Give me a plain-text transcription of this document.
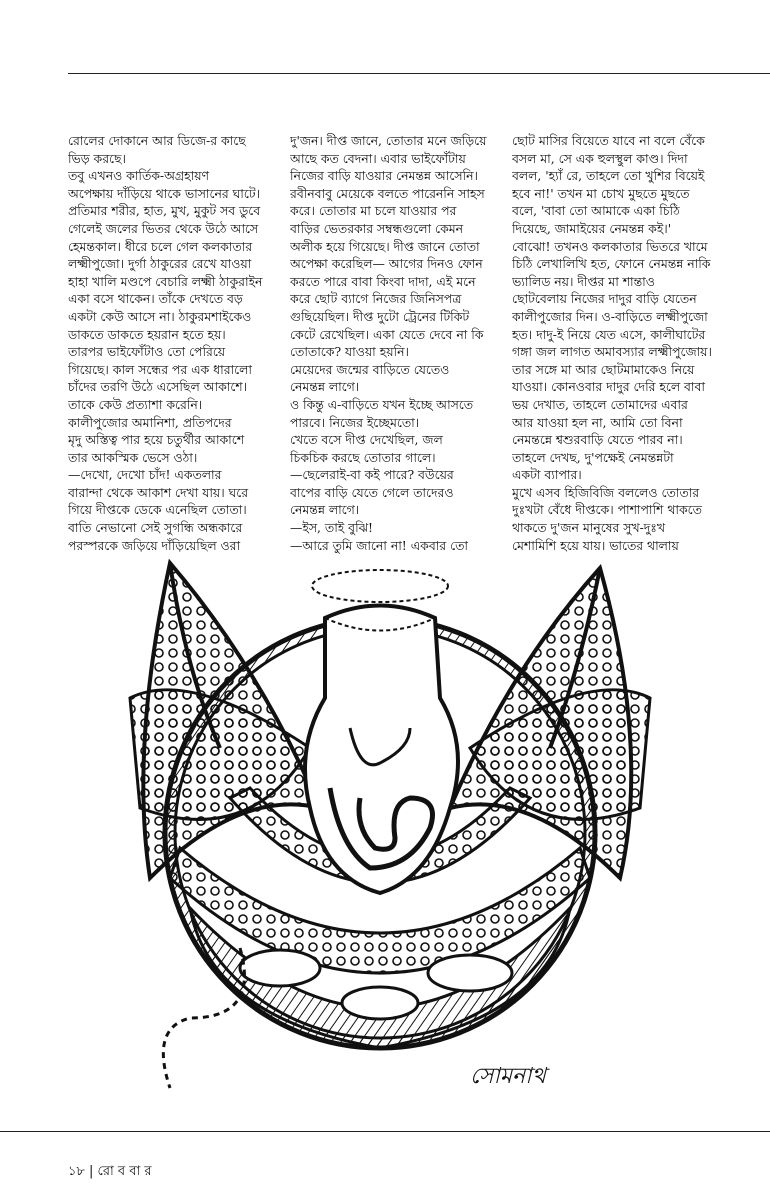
রোলের দোকানে আর ডিজে-র কাছে

ভিড় করছে।

তবু এখনও কার্তিক-অগ্রহায়ণ

অপেক্ষায় দাঁড়িয়ে থাকে ভাসানের ঘাটে।

প্রতিমার শরীর, হাত, মুখ, মুকুট সব ডুবে

গেলেই জলের ভিতর থেকে উঠে আসে

হেমন্তকাল। ধীরে চলে গেল কলকাতার

লক্ষ্মীপুজো। দুর্গা ঠাকুরের রেখে যাওয়া

হাহা খালি মণ্ডপে বেচারি লক্ষ্মী ঠাকুরাইন

একা বসে থাকেন। তাঁকে দেখতে বড়

একটা কেউ আসে না। ঠাকুরমশাইকেও

ডাকতে ডাকতে হয়রান হতে হয়।

তারপর ভাইফোঁটাও তো পেরিয়ে

গিয়েছে। কাল সন্ধের পর এক ধারালো

চাঁদের তরণি উঠে এসেছিল আকাশে।

তাকে কেউ প্রত্যাশা করেনি।

কালীপুজোর অমানিশা, প্রতিপদের

মৃদু অস্তিত্ব পার হয়ে চতুর্থীর আকাশে

তার আকস্মিক ভেসে ওঠা।

—দেখো, দেখো চাঁদ! একতলার

বারান্দা থেকে আকাশ দেখা যায়। ঘরে

গিয়ে দীপ্তকে ডেকে এনেছিল তোতা।

বাতি নেভানো সেই সুগন্ধি অন্ধকারে

পরস্পরকে জড়িয়ে দাঁড়িয়েছিল ওরা

দু'জন। দীপ্ত জানে, তোতার মনে জড়িয়ে

আছে কত বেদনা। এবার ভাইফোঁটায়

নিজের বাড়ি যাওয়ার নেমন্তন্ন আসেনি।

রবীনবাবু মেয়েকে বলতে পারেননি সাহস

করে। তোতার মা চলে যাওয়ার পর

বাড়ির ভেতরকার সম্বন্ধগুলো কেমন

অলীক হয়ে গিয়েছে। দীপ্ত জানে তোতা

অপেক্ষা করেছিল— আগের দিনও ফোন

করতে পারে বাবা কিংবা দাদা, এই মনে

করে ছোট ব্যাগে নিজের জিনিসপত্র

গুছিয়েছিল। দীপ্ত দুটো ট্রেনের টিকিট

কেটে রেখেছিল। একা যেতে দেবে না কি

তোতাকে? যাওয়া হয়নি।

মেয়েদের জন্মের বাড়িতে যেতেও

নেমন্তন্ন লাগে।

ও কিন্তু এ-বাড়িতে যখন ইচ্ছে আসতে

পারবে। নিজের ইচ্ছেমতো।

খেতে বসে দীপ্ত দেখেছিল, জল

চিকচিক করছে তোতার গালে।

—ছেলেরাই-বা কই পারে? বউয়ের

বাপের বাড়ি যেতে গেলে তাদেরও

নেমন্তন্ন লাগে।

—ইস, তাই বুঝি!

—আরে তুমি জানো না! একবার তো

ছোট মাসির বিয়েতে যাবে না বলে বেঁকে

বসল মা, সে এক হুলস্থুল কাণ্ড। দিদা

বলল, 'হ্যাঁ রে, তাহলে তো খুশির বিয়েই

হবে না!' তখন মা চোখ মুছতে মুছতে

বলে, 'বাবা তো আমাকে একা চিঠি

দিয়েছে, জামাইয়ের নেমন্তন্ন কই।'

বোঝো! তখনও কলকাতার ভিতরে খামে

চিঠি লেখালিখি হত, ফোনে নেমন্তন্ন নাকি

ভ্যালিড নয়। দীপ্তর মা শান্তাও

ছোটবেলায় নিজের দাদুর বাড়ি যেতেন

কালীপুজোর দিন। ও-বাড়িতে লক্ষ্মীপুজো

হত। দাদু-ই নিয়ে যেত এসে, কালীঘাটের

গঙ্গা জল লাগত অমাবস্যার লক্ষ্মীপুজোয়।

তার সঙ্গে মা আর ছোটমামাকেও নিয়ে

যাওয়া। কোনওবার দাদুর দেরি হলে বাবা

ভয় দেখাত, তাহলে তোমাদের এবার

আর যাওয়া হল না, আমি তো বিনা

নেমন্তন্নে শ্বশুরবাড়ি যেতে পারব না।

তাহলে দেখছ, দু'পক্ষেই নেমন্তন্নটা

একটা ব্যাপার।

মুখে এসব হিজিবিজি বললেও তোতার

দুঃখটা বেঁধে দীপ্তকে। পাশাপাশি থাকতে

থাকতে দু'জন মানুষের সুখ-দুঃখ

মেশামিশি হয়ে যায়। ভাতের থালায়

সোমনাথ
১৮ | রো ব বা র
